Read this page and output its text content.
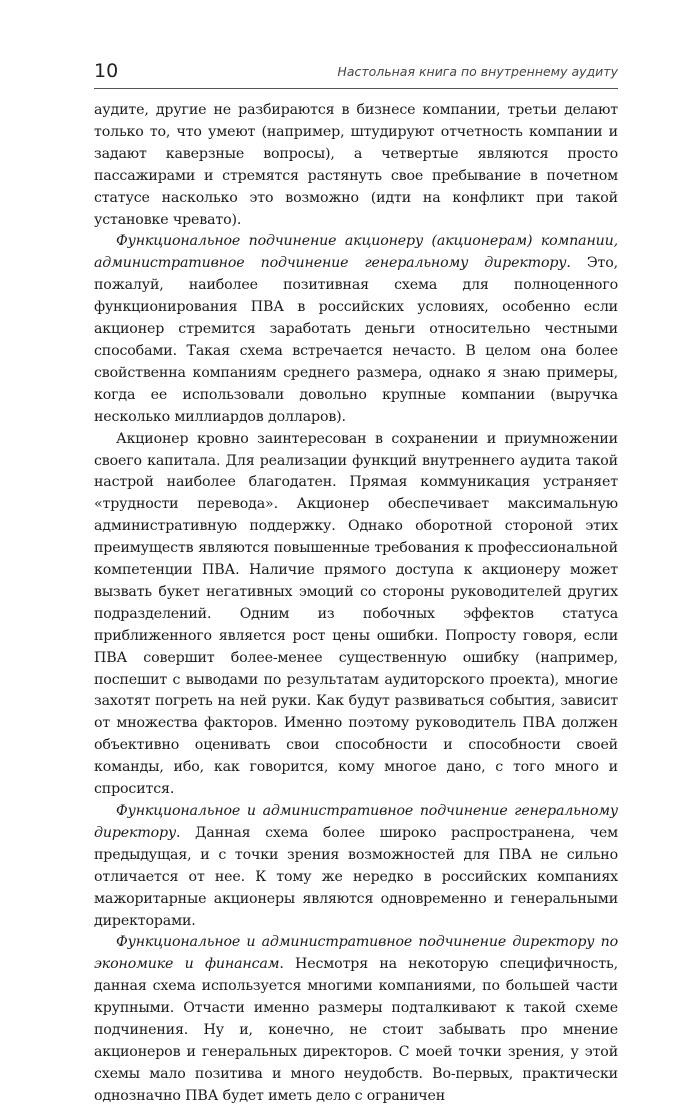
10	Настольная книга по внутреннему аудиту

аудите, другие не разбираются в бизнесе компании, третьи делают только то, что умеют (например, штудируют отчетность компании и задают каверзные вопросы), а четвертые являются просто пассажирами и стремятся растянуть свое пребывание в почетном статусе насколько это возможно (идти на конфликт при такой установке чревато).

Функциональное подчинение акционеру (акционерам) компании, административное подчинение генеральному директору. Это, пожалуй, наиболее позитивная схема для полноценного функционирования ПВА в российских условиях, особенно если акционер стремится заработать деньги относительно честными способами. Такая схема встречается нечасто. В целом она более свойственна компаниям среднего размера, однако я знаю примеры, когда ее использовали довольно крупные компании (выручка несколько миллиардов долларов).

Акционер кровно заинтересован в сохранении и приумножении своего капитала. Для реализации функций внутреннего аудита такой настрой наиболее благодатен. Прямая коммуникация устраняет «трудности перевода». Акционер обеспечивает максимальную административную поддержку. Однако оборотной стороной этих преимуществ являются повышенные требования к профессиональной компетенции ПВА. Наличие прямого доступа к акционеру может вызвать букет негативных эмоций со стороны руководителей других подразделений. Одним из побочных эффектов статуса приближенного является рост цены ошибки. Попросту говоря, если ПВА совершит более-менее существенную ошибку (например, поспешит с выводами по результатам аудиторского проекта), многие захотят погреть на ней руки. Как будут развиваться события, зависит от множества факторов. Именно поэтому руководитель ПВА должен объективно оценивать свои способности и способности своей команды, ибо, как говорится, кому многое дано, с того много и спросится.

Функциональное и административное подчинение генеральному директору. Данная схема более широко распространена, чем предыдущая, и с точки зрения возможностей для ПВА не сильно отличается от нее. К тому же нередко в российских компаниях мажоритарные акционеры являются одновременно и генеральными директорами.

Функциональное и административное подчинение директору по экономике и финансам. Несмотря на некоторую специфичность, данная схема используется многими компаниями, по большей части крупными. Отчасти именно размеры подталкивают к такой схеме подчинения. Ну и, конечно, не стоит забывать про мнение акционеров и генеральных директоров. С моей точки зрения, у этой схемы мало позитива и много неудобств. Во-первых, практически однозначно ПВА будет иметь дело с ограничен
